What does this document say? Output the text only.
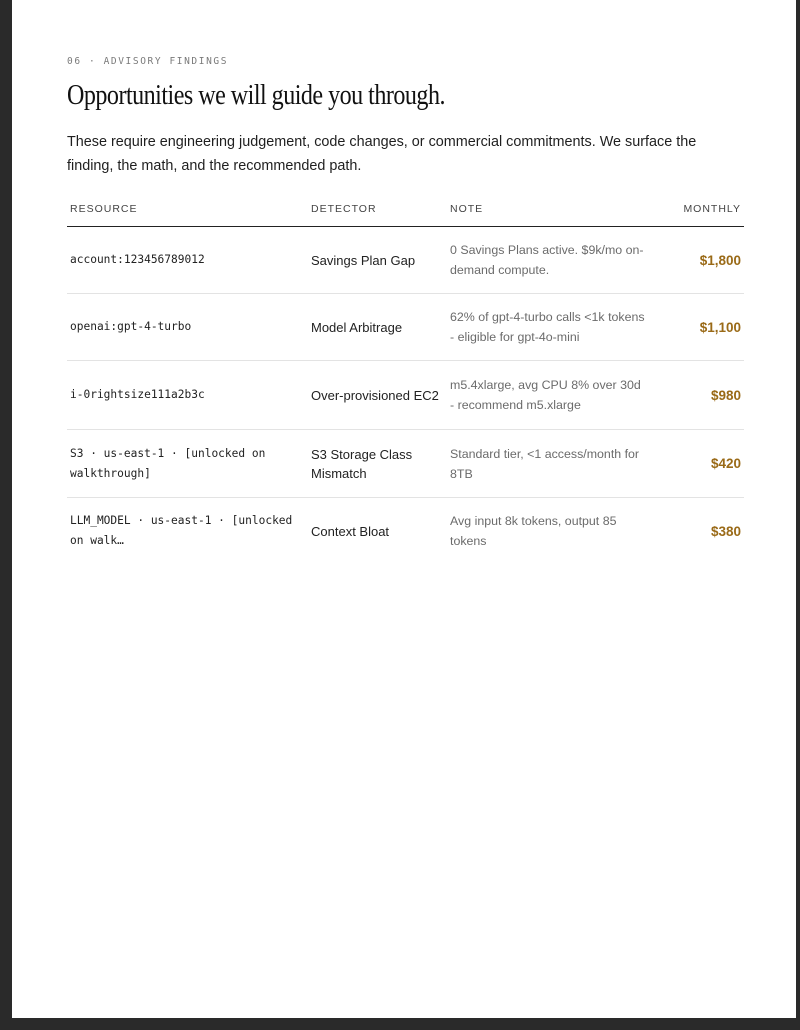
06 · ADVISORY FINDINGS
Opportunities we will guide you through.

These require engineering judgement, code changes, or commercial commitments. We surface the finding, the math, and the recommended path.

RESOURCE	DETECTOR	NOTE	MONTHLY
account:123456789012	Savings Plan Gap	0 Savings Plans active. $9k/mo on-demand compute.	$1,800
openai:gpt-4-turbo	Model Arbitrage	62% of gpt-4-turbo calls <1k tokens - eligible for gpt-4o-mini	$1,100
i-0rightsize111a2b3c	Over-provisioned EC2	m5.4xlarge, avg CPU 8% over 30d - recommend m5.xlarge	$980
S3 · us-east-1 · [unlocked on walkthrough]	S3 Storage Class Mismatch	Standard tier, <1 access/month for 8TB	$420
LLM_MODEL · us-east-1 · [unlocked on walk…	Context Bloat	Avg input 8k tokens, output 85 tokens	$380
